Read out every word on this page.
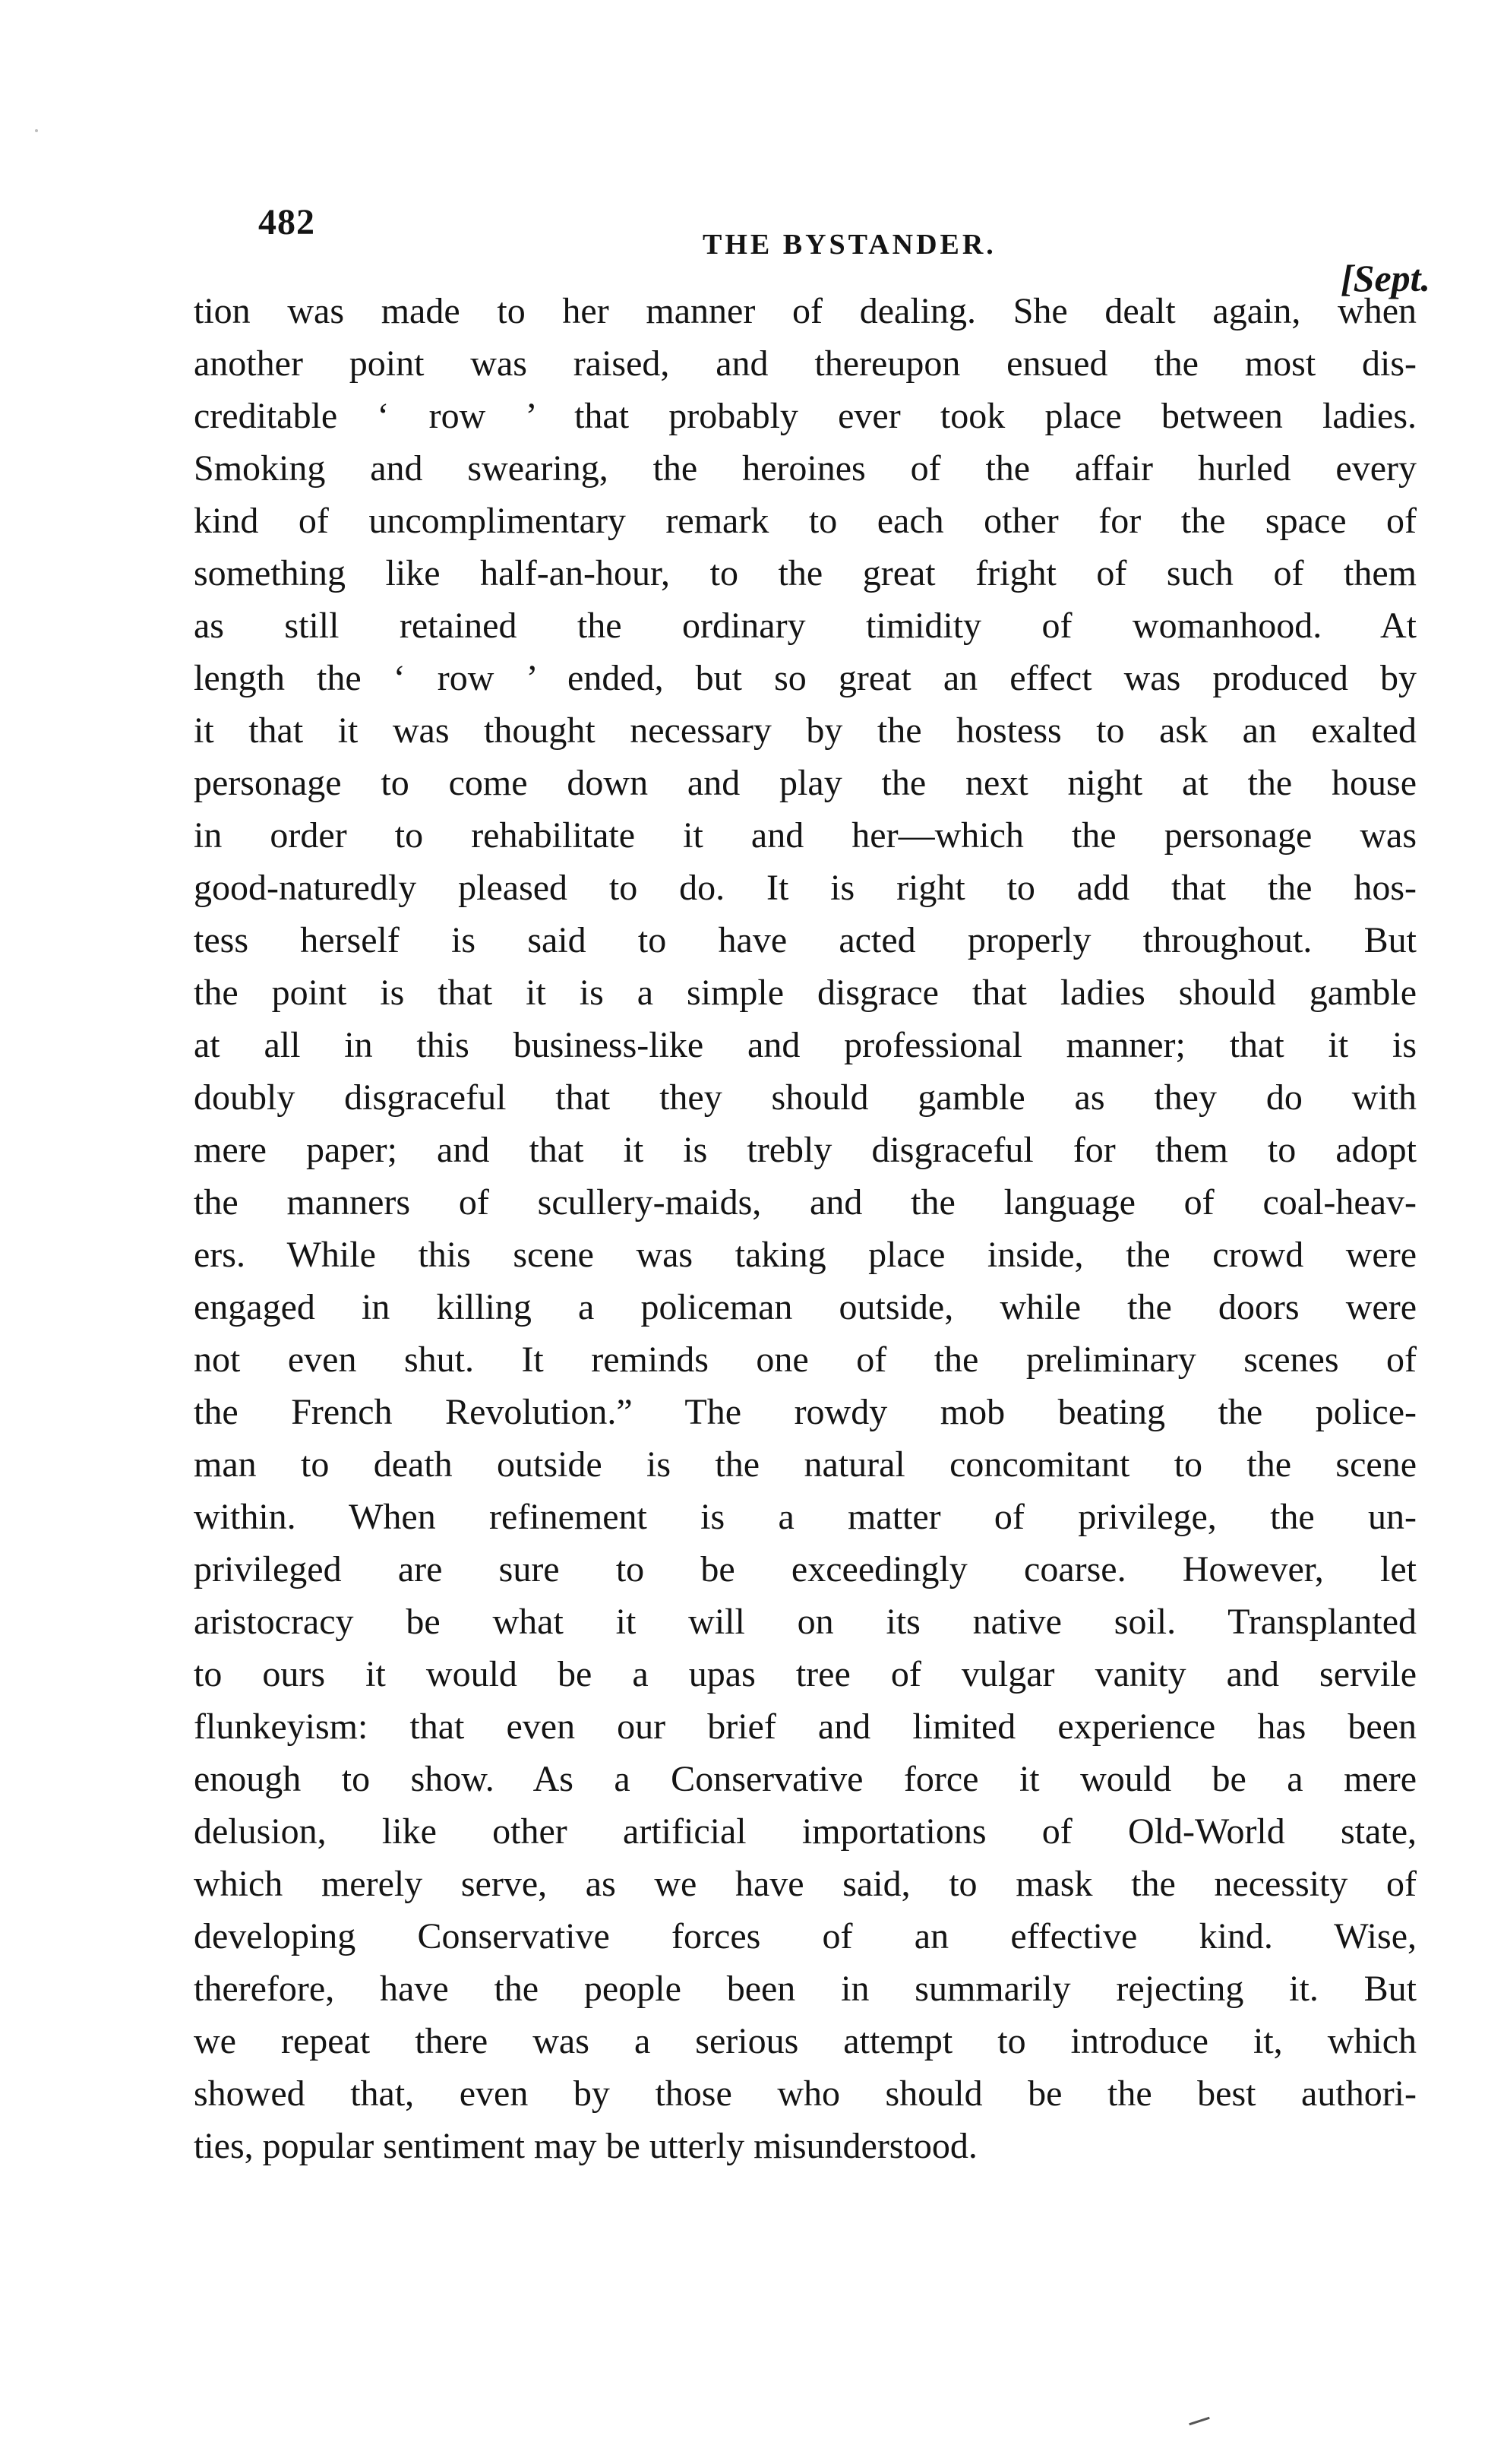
482
THE BYSTANDER.
[Sept.
tion was made to her manner of dealing. She dealt again, when
another point was raised, and thereupon ensued the most dis-
creditable ‘ row ’ that probably ever took place between ladies.
Smoking and swearing, the heroines of the affair hurled every
kind of uncomplimentary remark to each other for the space of
something like half-an-hour, to the great fright of such of them
as still retained the ordinary timidity of womanhood. At
length the ‘ row ’ ended, but so great an effect was produced by
it that it was thought necessary by the hostess to ask an exalted
personage to come down and play the next night at the house
in order to rehabilitate it and her—which the personage was
good-naturedly pleased to do. It is right to add that the hos-
tess herself is said to have acted properly throughout. But
the point is that it is a simple disgrace that ladies should gamble
at all in this business-like and professional manner; that it is
doubly disgraceful that they should gamble as they do with
mere paper; and that it is trebly disgraceful for them to adopt
the manners of scullery-maids, and the language of coal-heav-
ers. While this scene was taking place inside, the crowd were
engaged in killing a policeman outside, while the doors were
not even shut. It reminds one of the preliminary scenes of
the French Revolution.” The rowdy mob beating the police-
man to death outside is the natural concomitant to the scene
within. When refinement is a matter of privilege, the un-
privileged are sure to be exceedingly coarse. However, let
aristocracy be what it will on its native soil. Transplanted
to ours it would be a upas tree of vulgar vanity and servile
flunkeyism: that even our brief and limited experience has been
enough to show. As a Conservative force it would be a mere
delusion, like other artificial importations of Old-World state,
which merely serve, as we have said, to mask the necessity of
developing Conservative forces of an effective kind. Wise,
therefore, have the people been in summarily rejecting it. But
we repeat there was a serious attempt to introduce it, which
showed that, even by those who should be the best authori-
ties, popular sentiment may be utterly misunderstood.
